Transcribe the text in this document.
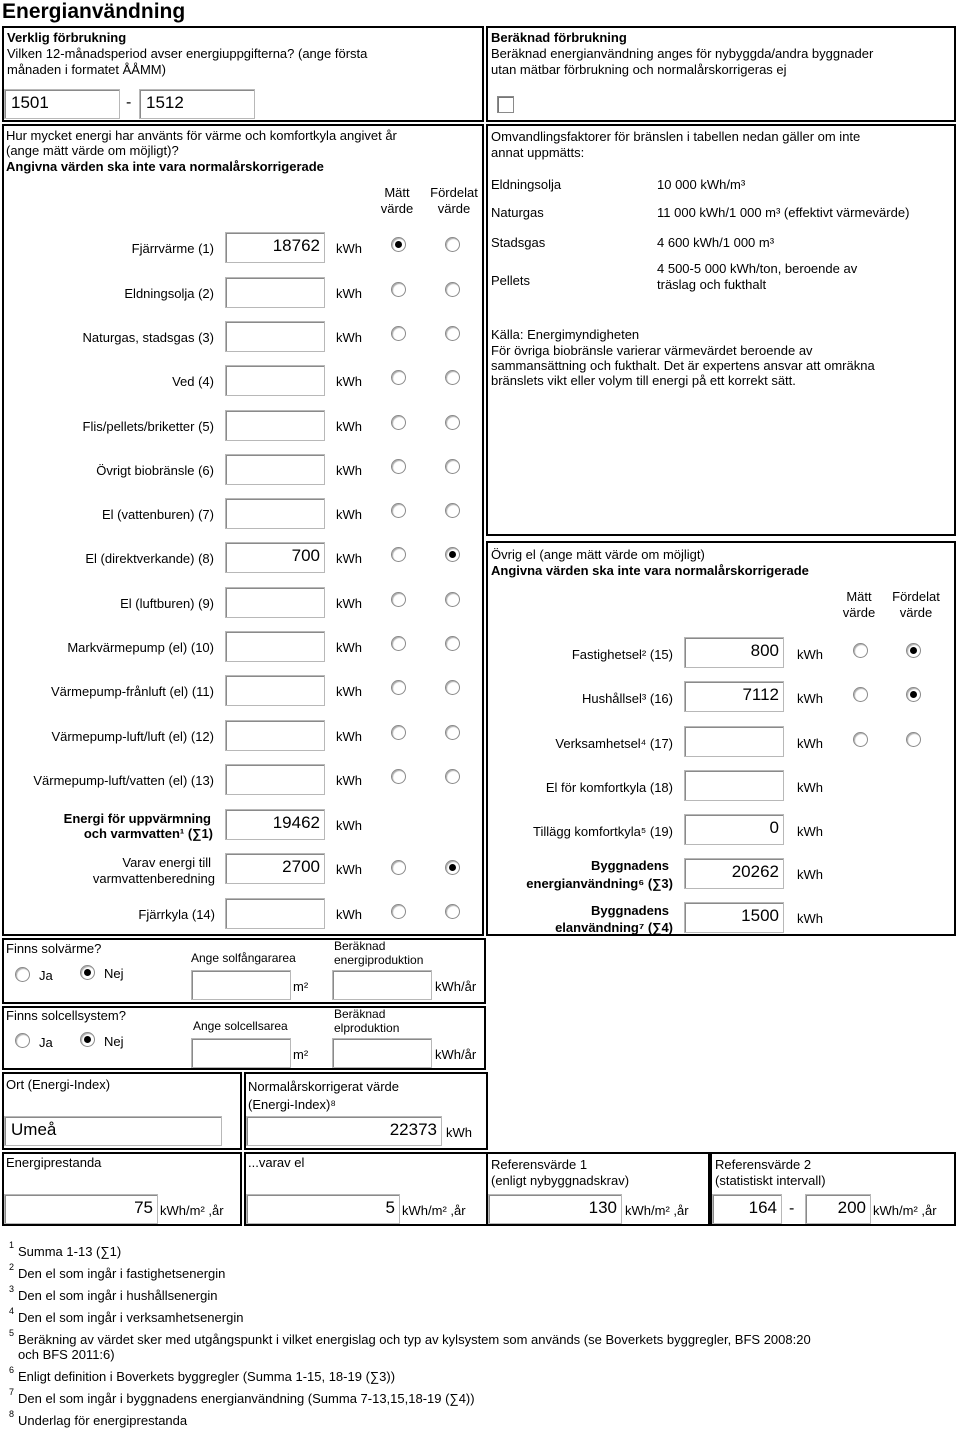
Energianvändning
Verklig förbrukning
Vilken 12-månadsperiod avser energiuppgifterna? (ange första
månaden i formatet ÅÅMM)
1501	- 1512
Beräknad förbrukning
Beräknad energianvändning anges för nybyggda/andra byggnader
utan mätbar förbrukning och normalårskorrigeras ej
Hur mycket energi har använts för värme och komfortkyla angivet år
(ange mätt värde om möjligt)?
Angivna värden ska inte vara normalårskorrigerade
Mätt
värde
Fördelat
värde
Fjärrvärme (1)	18762	kWh
Eldningsolja (2)	kWh
Naturgas, stadsgas (3)	kWh
Ved (4)	kWh
Flis/pellets/briketter (5)	kWh
Övrigt biobränsle (6)	kWh
El (vattenburen) (7)	kWh
El (direktverkande) (8)	700	kWh
El (luftburen) (9)	kWh
Markvärmepump (el) (10)	kWh
Värmepump-frånluft (el) (11)	kWh
Värmepump-luft/luft (el) (12)	kWh
Värmepump-luft/vatten (el) (13)	kWh
Energi för uppvärmning
och varmvatten¹ (∑1)
19462	kWh
Varav energi till
varmvattenberedning
2700	kWh
Fjärrkyla (14)	kWh
Omvandlingsfaktorer för bränslen i tabellen nedan gäller om inte
annat uppmätts:
Eldningsolja	10 000 kWh/m³
Naturgas	11 000 kWh/1 000 m³ (effektivt värmevärde)
Stadsgas	4 600 kWh/1 000 m³
Pellets
4 500-5 000 kWh/ton, beroende av
träslag och fukthalt
Källa: Energimyndigheten
För övriga biobränsle varierar värmevärdet beroende av
sammansättning och fukthalt. Det är expertens ansvar att omräkna
bränslets vikt eller volym till energi på ett korrekt sätt.
Övrig el (ange mätt värde om möjligt)
Angivna värden ska inte vara normalårskorrigerade
Mätt
värde
Fördelat
värde
Fastighetsel² (15)	800	kWh
Hushållsel³ (16)	7112	kWh
Verksamhetsel⁴ (17)	kWh
El för komfortkyla (18)	kWh
Tillägg komfortkyla⁵ (19)	0	kWh
Byggnadens
energianvändning⁶ (∑3)
20262	kWh
Byggnadens
elanvändning⁷ (∑4)
1500	kWh
Finns solvärme?
Ja	Nej
Ange solfångararea
m²
Beräknad
energiproduktion
kWh/år
Finns solcellsystem?
Ja	Nej
Ange solcellsarea
m²
Beräknad
elproduktion
kWh/år
Ort (Energi-Index)
Umeå
Normalårskorrigerat värde
(Energi-Index)⁸
22373 kWh
Energiprestanda
75 kWh/m² ,år
...varav el
5 kWh/m² ,år
Referensvärde 1
(enligt nybyggnadskrav)
130 kWh/m² ,år
Referensvärde 2
(statistiskt intervall)
164 -	200 kWh/m² ,år
1 Summa 1-13 (∑1)
2 Den el som ingår i fastighetsenergin
3 Den el som ingår i hushållsenergin
4 Den el som ingår i verksamhetsenergin
5 Beräkning av värdet sker med utgångspunkt i vilket energislag och typ av kylsystem som används (se Boverkets byggregler, BFS 2008:20
6 Enligt definition i Boverkets byggregler (Summa 1-15, 18-19 (∑3))
7 Den el som ingår i byggnadens energianvändning (Summa 7-13,15,18-19 (∑4))
8 Underlag för energiprestanda
och BFS 2011:6)
